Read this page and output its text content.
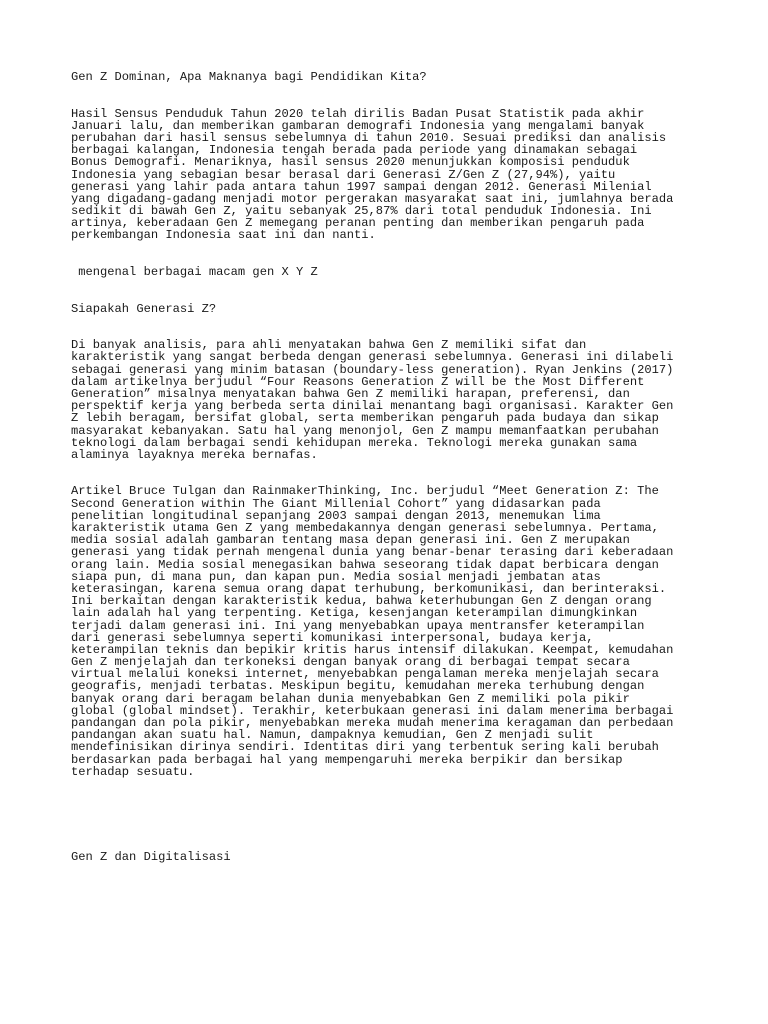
Gen Z Dominan, Apa Maknanya bagi Pendidikan Kita?
Hasil Sensus Penduduk Tahun 2020 telah dirilis Badan Pusat Statistik pada akhir
Januari lalu, dan memberikan gambaran demografi Indonesia yang mengalami banyak
perubahan dari hasil sensus sebelumnya di tahun 2010. Sesuai prediksi dan analisis
berbagai kalangan, Indonesia tengah berada pada periode yang dinamakan sebagai
Bonus Demografi. Menariknya, hasil sensus 2020 menunjukkan komposisi penduduk
Indonesia yang sebagian besar berasal dari Generasi Z/Gen Z (27,94%), yaitu
generasi yang lahir pada antara tahun 1997 sampai dengan 2012. Generasi Milenial
yang digadang-gadang menjadi motor pergerakan masyarakat saat ini, jumlahnya berada
sedikit di bawah Gen Z, yaitu sebanyak 25,87% dari total penduduk Indonesia. Ini
artinya, keberadaan Gen Z memegang peranan penting dan memberikan pengaruh pada
perkembangan Indonesia saat ini dan nanti.
mengenal berbagai macam gen X Y Z
Siapakah Generasi Z?
Di banyak analisis, para ahli menyatakan bahwa Gen Z memiliki sifat dan
karakteristik yang sangat berbeda dengan generasi sebelumnya. Generasi ini dilabeli
sebagai generasi yang minim batasan (boundary-less generation). Ryan Jenkins (2017)
dalam artikelnya berjudul “Four Reasons Generation Z will be the Most Different
Generation” misalnya menyatakan bahwa Gen Z memiliki harapan, preferensi, dan
perspektif kerja yang berbeda serta dinilai menantang bagi organisasi. Karakter Gen
Z lebih beragam, bersifat global, serta memberikan pengaruh pada budaya dan sikap
masyarakat kebanyakan. Satu hal yang menonjol, Gen Z mampu memanfaatkan perubahan
teknologi dalam berbagai sendi kehidupan mereka. Teknologi mereka gunakan sama
alaminya layaknya mereka bernafas.
Artikel Bruce Tulgan dan RainmakerThinking, Inc. berjudul “Meet Generation Z: The
Second Generation within The Giant Millenial Cohort” yang didasarkan pada
penelitian longitudinal sepanjang 2003 sampai dengan 2013, menemukan lima
karakteristik utama Gen Z yang membedakannya dengan generasi sebelumnya. Pertama,
media sosial adalah gambaran tentang masa depan generasi ini. Gen Z merupakan
generasi yang tidak pernah mengenal dunia yang benar-benar terasing dari keberadaan
orang lain. Media sosial menegasikan bahwa seseorang tidak dapat berbicara dengan
siapa pun, di mana pun, dan kapan pun. Media sosial menjadi jembatan atas
keterasingan, karena semua orang dapat terhubung, berkomunikasi, dan berinteraksi.
Ini berkaitan dengan karakteristik kedua, bahwa keterhubungan Gen Z dengan orang
lain adalah hal yang terpenting. Ketiga, kesenjangan keterampilan dimungkinkan
terjadi dalam generasi ini. Ini yang menyebabkan upaya mentransfer keterampilan
dari generasi sebelumnya seperti komunikasi interpersonal, budaya kerja,
keterampilan teknis dan bepikir kritis harus intensif dilakukan. Keempat, kemudahan
Gen Z menjelajah dan terkoneksi dengan banyak orang di berbagai tempat secara
virtual melalui koneksi internet, menyebabkan pengalaman mereka menjelajah secara
geografis, menjadi terbatas. Meskipun begitu, kemudahan mereka terhubung dengan
banyak orang dari beragam belahan dunia menyebabkan Gen Z memiliki pola pikir
global (global mindset). Terakhir, keterbukaan generasi ini dalam menerima berbagai
pandangan dan pola pikir, menyebabkan mereka mudah menerima keragaman dan perbedaan
pandangan akan suatu hal. Namun, dampaknya kemudian, Gen Z menjadi sulit
mendefinisikan dirinya sendiri. Identitas diri yang terbentuk sering kali berubah
berdasarkan pada berbagai hal yang mempengaruhi mereka berpikir dan bersikap
terhadap sesuatu.
Gen Z dan Digitalisasi
